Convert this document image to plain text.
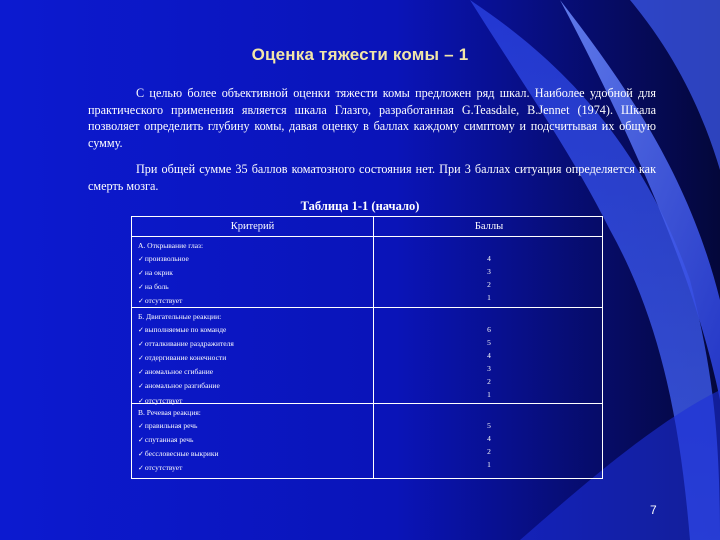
Оценка тяжести комы – 1
С целью более объективной оценки тяжести комы предложен ряд шкал. Наиболее удобной для практического применения является шкала Глазго, разработанная G.Teasdale, B.Jennet (1974). Шкала позволяет определить глубину комы, давая оценку в баллах каждому симптому и подсчитывая их общую сумму.
При общей сумме 35 баллов коматозного состояния нет. При 3 баллах ситуация определяется как смерть мозга.
Таблица 1-1 (начало)
Критерий	Баллы
А. Открывание глаз:
✓ произвольное
✓ на окрик
✓ на боль
✓ отсутствует
4
3
2
1
Б. Двигательные реакции:
✓ выполняемые по команде
✓ отталкивание раздражителя
✓ отдергивание конечности
✓ аномальное сгибание
✓ аномальное разгибание
✓ отсутствует
6
5
4
3
2
1
В. Речевая реакция:
✓ правильная речь
✓ спутанная речь
✓ бессловесные выкрики
✓ отсутствует
5
4
2
1
7
